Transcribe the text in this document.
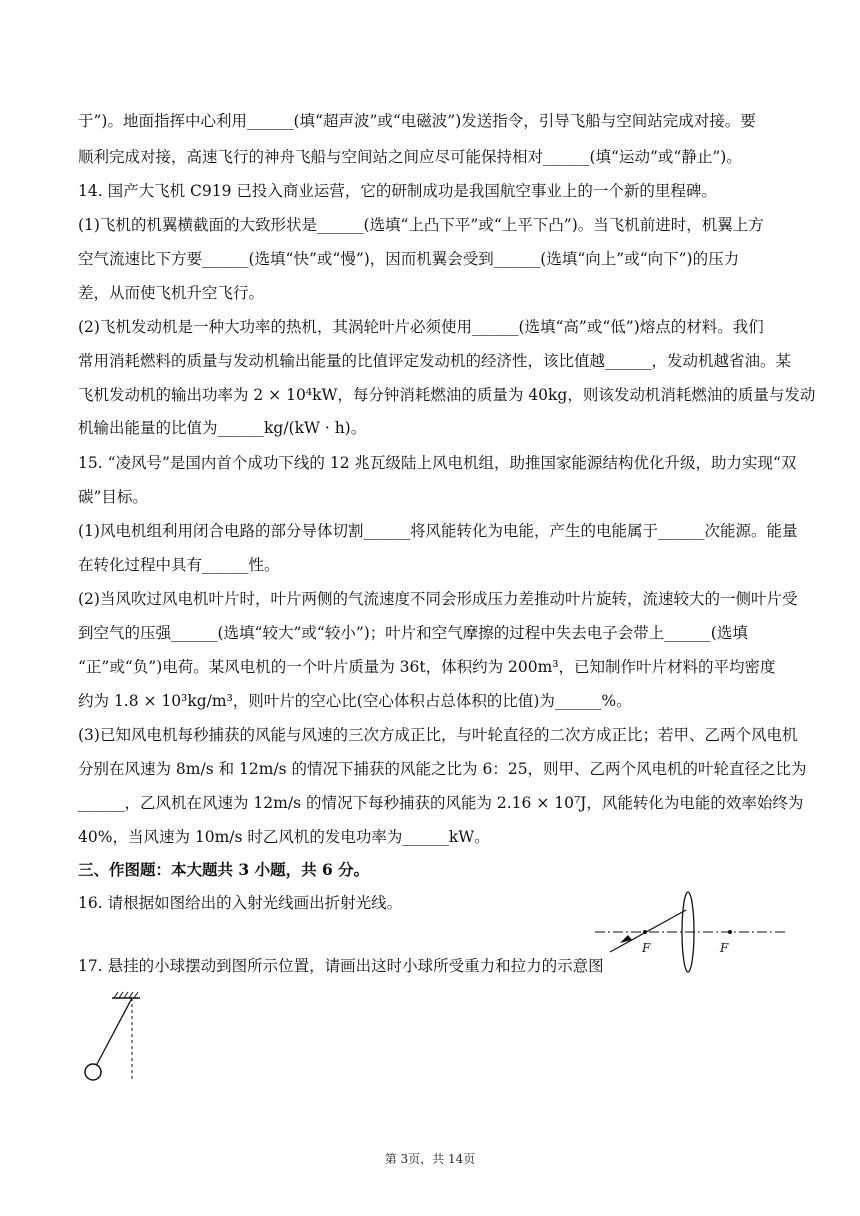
于”)。地面指挥中心利用______(填“超声波”或“电磁波”)发送指令，引导飞船与空间站完成对接。要
顺利完成对接，高速飞行的神舟飞船与空间站之间应尽可能保持相对______(填“运动”或“静止”)。
14. 国产大飞机 C919 已投入商业运营，它的研制成功是我国航空事业上的一个新的里程碑。
(1)飞机的机翼横截面的大致形状是______(选填“上凸下平”或“上平下凸”)。当飞机前进时，机翼上方
空气流速比下方要______(选填“快”或“慢”)，因而机翼会受到______(选填“向上”或“向下”)的压力
差，从而使飞机升空飞行。
(2)飞机发动机是一种大功率的热机，其涡轮叶片必须使用______(选填“高”或“低”)熔点的材料。我们
常用消耗燃料的质量与发动机输出能量的比值评定发动机的经济性，该比值越______，发动机越省油。某
飞机发动机的输出功率为 2 × 10⁴kW，每分钟消耗燃油的质量为 40kg，则该发动机消耗燃油的质量与发动
机输出能量的比值为______kg/(kW · h)。
15. “凌风号”是国内首个成功下线的 12 兆瓦级陆上风电机组，助推国家能源结构优化升级，助力实现“双
碳”目标。
(1)风电机组利用闭合电路的部分导体切割______将风能转化为电能，产生的电能属于______次能源。能量
在转化过程中具有______性。
(2)当风吹过风电机叶片时，叶片两侧的气流速度不同会形成压力差推动叶片旋转，流速较大的一侧叶片受
到空气的压强______(选填“较大”或“较小”)；叶片和空气摩擦的过程中失去电子会带上______(选填
“正”或“负”)电荷。某风电机的一个叶片质量为 36t，体积约为 200m³，已知制作叶片材料的平均密度
约为 1.8 × 10³kg/m³，则叶片的空心比(空心体积占总体积的比值)为______%。
(3)已知风电机每秒捕获的风能与风速的三次方成正比，与叶轮直径的二次方成正比；若甲、乙两个风电机
分别在风速为 8m/s 和 12m/s 的情况下捕获的风能之比为 6：25，则甲、乙两个风电机的叶轮直径之比为
______，乙风机在风速为 12m/s 的情况下每秒捕获的风能为 2.16 × 10⁷J，风能转化为电能的效率始终为
40%，当风速为 10m/s 时乙风机的发电功率为______kW。
三、作图题：本大题共 3 小题，共 6 分。
16. 请根据如图给出的入射光线画出折射光线。
17. 悬挂的小球摆动到图所示位置，请画出这时小球所受重力和拉力的示意图
F	F
第 3页，共 14页
